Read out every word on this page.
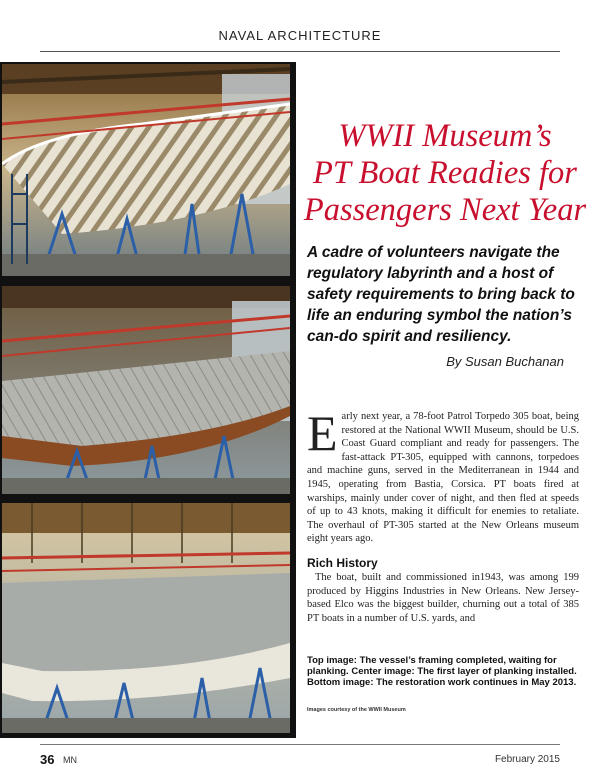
NAVAL ARCHITECTURE
WWII Museum’s
PT Boat Readies for
Passengers Next Year

A cadre of volunteers navigate the regulatory labyrinth and a host of safety requirements to bring back to life an enduring symbol the nation’s can-do spirit and resiliency.

By Susan Buchanan

Early next year, a 78-foot Patrol Torpedo 305 boat, being restored at the National WWII Museum, should be U.S. Coast Guard compliant and ready for passengers. The fast-attack PT-305, equipped with cannons, torpedoes and machine guns, served in the Mediterranean in 1944 and 1945, operating from Bastia, Corsica. PT boats fired at warships, mainly under cover of night, and then fled at speeds of up to 43 knots, making it difficult for enemies to retaliate. The overhaul of PT-305 started at the New Orleans museum eight years ago.

Rich History

The boat, built and commissioned in1943, was among 199 produced by Higgins Industries in New Orleans. New Jersey-based Elco was the biggest builder, churning out a total of 385 PT boats in a number of U.S. yards, and

Top image: The vessel’s framing completed, waiting for planking. Center image: The first layer of planking installed. Bottom image: The restoration work continues in May 2013.

Images courtesy of the WWII Museum
36 MN	February 2015
